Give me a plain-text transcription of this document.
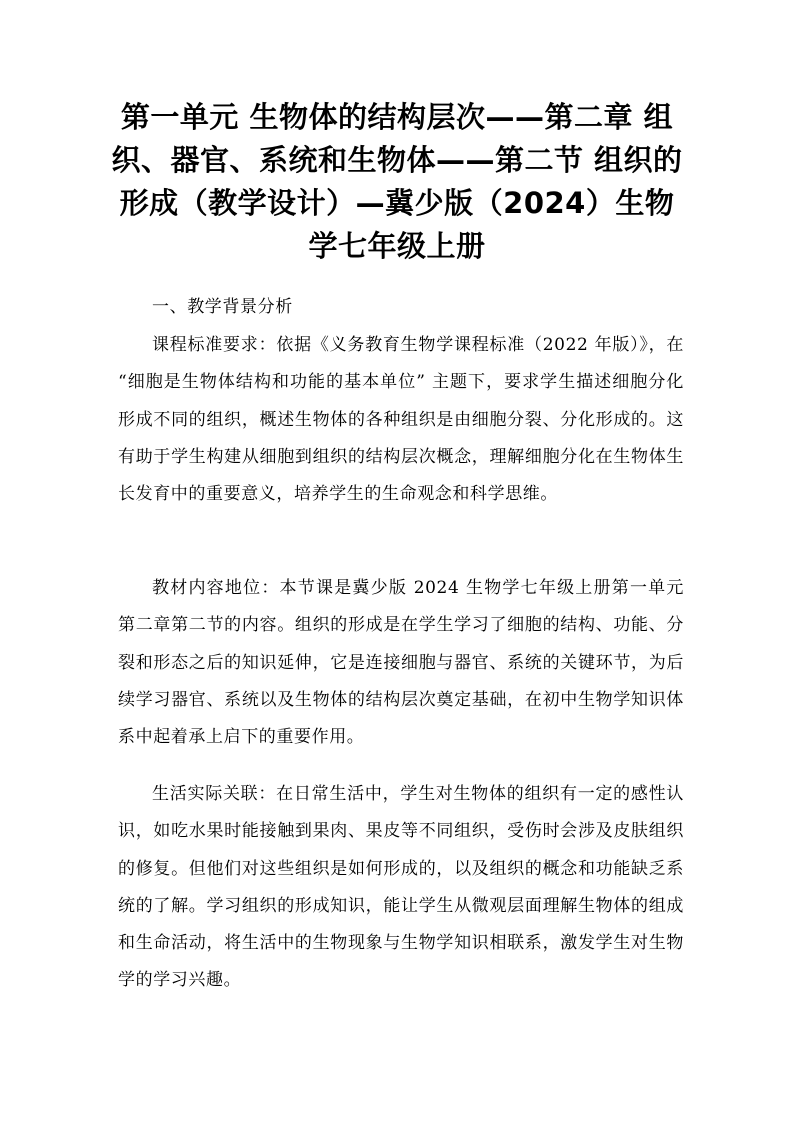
第一单元 生物体的结构层次——第二章 组织、器官、系统和生物体——第二节 组织的形成（教学设计）—冀少版（2024）生物学七年级上册

一、教学背景分析

课程标准要求：依据《义务教育生物学课程标准（2022 年版）》，在 “细胞是生物体结构和功能的基本单位” 主题下，要求学生描述细胞分化形成不同的组织，概述生物体的各种组织是由细胞分裂、分化形成的。这有助于学生构建从细胞到组织的结构层次概念，理解细胞分化在生物体生长发育中的重要意义，培养学生的生命观念和科学思维。

教材内容地位：本节课是冀少版 2024 生物学七年级上册第一单元第二章第二节的内容。组织的形成是在学生学习了细胞的结构、功能、分裂和形态之后的知识延伸，它是连接细胞与器官、系统的关键环节，为后续学习器官、系统以及生物体的结构层次奠定基础，在初中生物学知识体系中起着承上启下的重要作用。

生活实际关联：在日常生活中，学生对生物体的组织有一定的感性认识，如吃水果时能接触到果肉、果皮等不同组织，受伤时会涉及皮肤组织的修复。但他们对这些组织是如何形成的，以及组织的概念和功能缺乏系统的了解。学习组织的形成知识，能让学生从微观层面理解生物体的组成和生命活动，将生活中的生物现象与生物学知识相联系，激发学生对生物学的学习兴趣。
